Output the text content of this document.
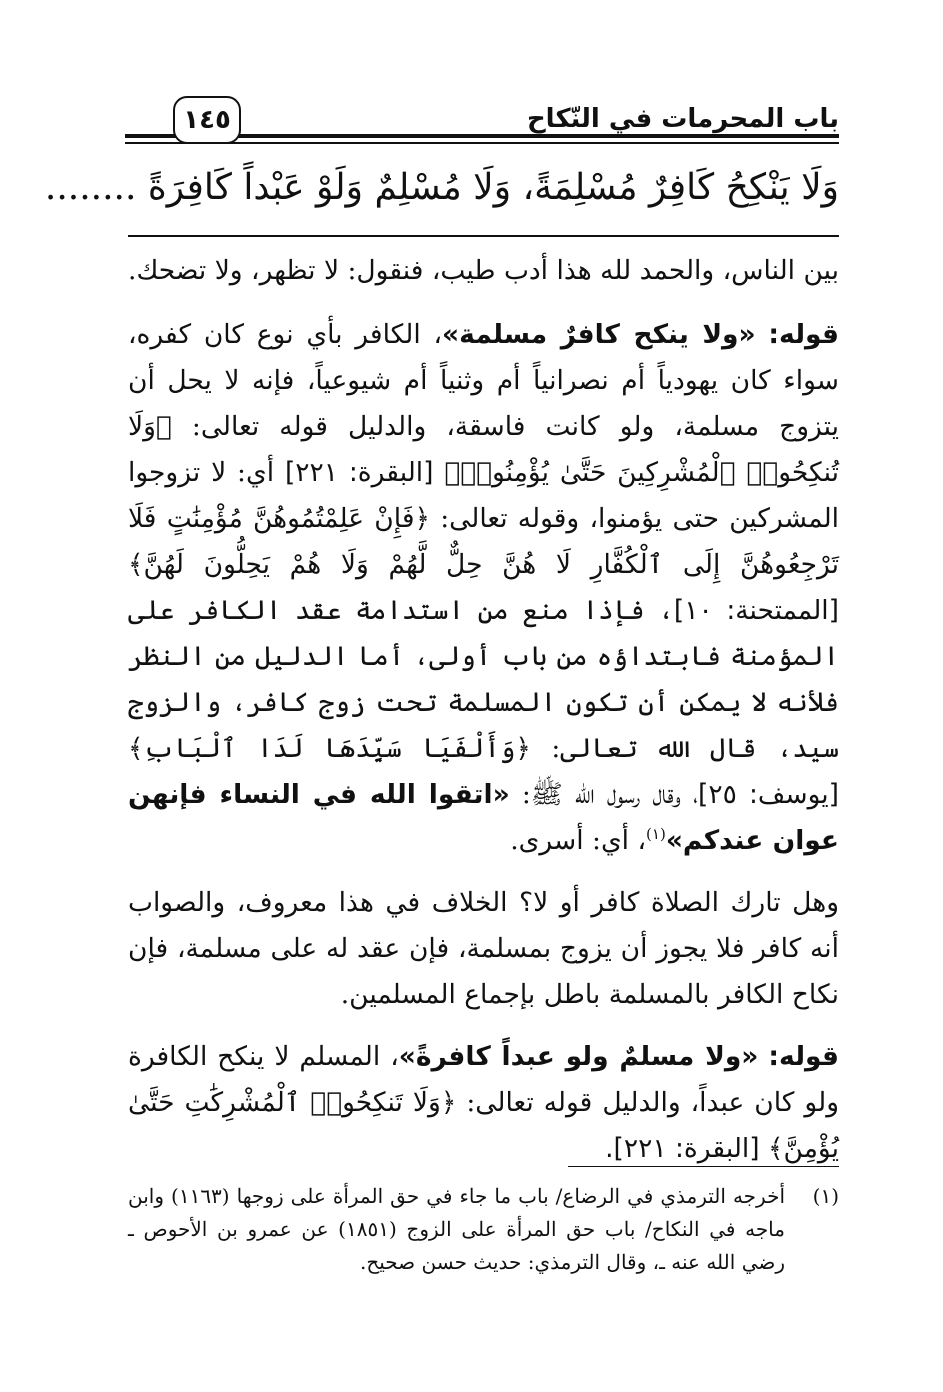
باب المحرمات في النّكاح
١٤٥
وَلَا يَنْكِحُ كَافِرٌ مُسْلِمَةً، وَلَا مُسْلِمٌ وَلَوْ عَبْداً كَافِرَةً ........

بين الناس، والحمد لله هذا أدب طيب، فنقول: لا تظهر، ولا تضحك.

قوله: «ولا ينكح كافرٌ مسلمة»، الكافر بأي نوع كان كفره، سواء كان يهودياً أم نصرانياً أم وثنياً أم شيوعياً، فإنه لا يحل أن يتزوج مسلمة، ولو كانت فاسقة، والدليل قوله تعالى: ﴿وَلَا تُنكِحُوا۟ ٱلْمُشْرِكِينَ حَتَّىٰ يُؤْمِنُوا۟﴾ [البقرة: ٢٢١] أي: لا تزوجوا المشركين حتى يؤمنوا، وقوله تعالى: ﴿فَإِنْ عَلِمْتُمُوهُنَّ مُؤْمِنَٰتٍ فَلَا تَرْجِعُوهُنَّ إِلَى ٱلْكُفَّارِ لَا هُنَّ حِلٌّ لَّهُمْ وَلَا هُمْ يَحِلُّونَ لَهُنَّ﴾ [الممتحنة: ١٠]، فإذا منع من استدامة عقد الكافر على المؤمنة فابتداؤه من باب أولى، أما الدليل من النظر فلأنه لا يمكن أن تكون المسلمة تحت زوج كافر، والزوج سيد، قال الله تعالى: ﴿وَأَلْفَيَا سَيِّدَهَا لَدَا ٱلْبَابِ﴾ [يوسف: ٢٥]، وقال رسول الله ﷺ: «اتقوا الله في النساء فإنهن عوان عندكم»$^{(١)}$، أي: أسرى.

وهل تارك الصلاة كافر أو لا؟ الخلاف في هذا معروف، والصواب أنه كافر فلا يجوز أن يزوج بمسلمة، فإن عقد له على مسلمة، فإن نكاح الكافر بالمسلمة باطل بإجماع المسلمين.

قوله: «ولا مسلمٌ ولو عبداً كافرةً»، المسلم لا ينكح الكافرة ولو كان عبداً، والدليل قوله تعالى: ﴿وَلَا تَنكِحُوا۟ ٱلْمُشْرِكَٰتِ حَتَّىٰ يُؤْمِنَّ﴾ [البقرة: ٢٢١].

(١)
أخرجه الترمذي في الرضاع/ باب ما جاء في حق المرأة على زوجها (١١٦٣) وابن ماجه في النكاح/ باب حق المرأة على الزوج (١٨٥١) عن عمرو بن الأحوص ـ رضي الله عنه ـ، وقال الترمذي: حديث حسن صحيح.
